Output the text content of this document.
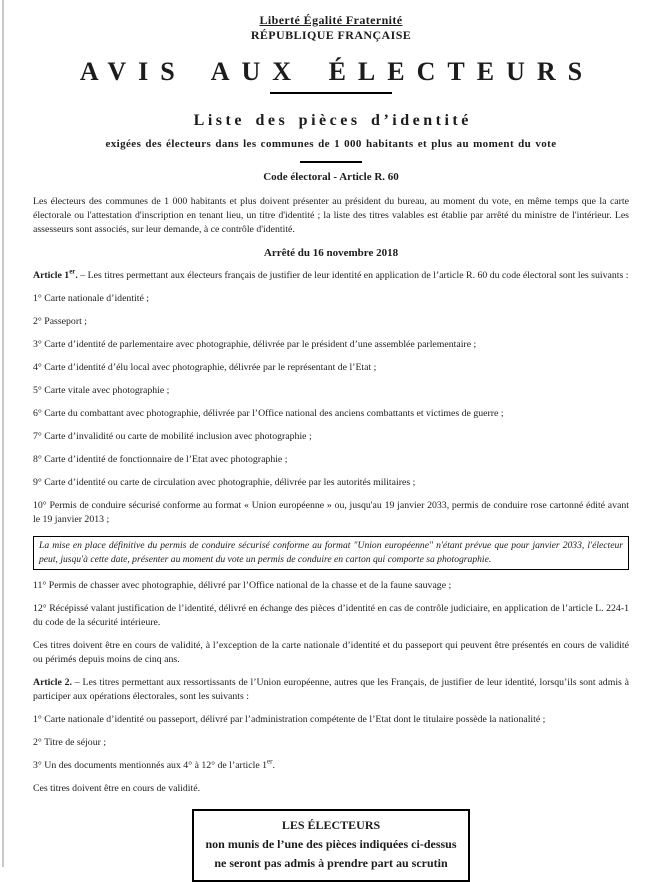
Liberté Égalité Fraternité
RÉPUBLIQUE FRANÇAISE
AVIS AUX ÉLECTEURS
Liste des pièces d’identité
exigées des électeurs dans les communes de 1 000 habitants et plus au moment du vote
Code électoral - Article R. 60

Les électeurs des communes de 1 000 habitants et plus doivent présenter au président du bureau, au moment du vote, en même temps que la carte électorale ou l'attestation d'inscription en tenant lieu, un titre d'identité ; la liste des titres valables est établie par arrêté du ministre de l'intérieur. Les assesseurs sont associés, sur leur demande, à ce contrôle d'identité.

Arrêté du 16 novembre 2018

Article 1er. – Les titres permettant aux électeurs français de justifier de leur identité en application de l’article R. 60 du code électoral sont les suivants :

1° Carte nationale d’identité ;

2° Passeport ;

3° Carte d’identité de parlementaire avec photographie, délivrée par le président d’une assemblée parlementaire ;

4° Carte d’identité d’élu local avec photographie, délivrée par le représentant de l’Etat ;

5° Carte vitale avec photographie ;

6° Carte du combattant avec photographie, délivrée par l’Office national des anciens combattants et victimes de guerre ;

7° Carte d’invalidité ou carte de mobilité inclusion avec photographie ;

8° Carte d’identité de fonctionnaire de l’Etat avec photographie ;

9° Carte d’identité ou carte de circulation avec photographie, délivrée par les autorités militaires ;

10° Permis de conduire sécurisé conforme au format « Union européenne » ou, jusqu'au 19 janvier 2033, permis de conduire rose cartonné édité avant le 19 janvier 2013 ;

La mise en place définitive du permis de conduire sécurisé conforme au format "Union européenne" n'étant prévue que pour janvier 2033, l'électeur peut, jusqu'à cette date, présenter au moment du vote un permis de conduire en carton qui comporte sa photographie.

11° Permis de chasser avec photographie, délivré par l’Office national de la chasse et de la faune sauvage ;

12° Récépissé valant justification de l’identité, délivré en échange des pièces d’identité en cas de contrôle judiciaire, en application de l’article L. 224-1 du code de la sécurité intérieure.

Ces titres doivent être en cours de validité, à l’exception de la carte nationale d’identité et du passeport qui peuvent être présentés en cours de validité ou périmés depuis moins de cinq ans.

Article 2. – Les titres permettant aux ressortissants de l’Union européenne, autres que les Français, de justifier de leur identité, lorsqu’ils sont admis à participer aux opérations électorales, sont les suivants :

1° Carte nationale d’identité ou passeport, délivré par l’administration compétente de l’Etat dont le titulaire possède la nationalité ;

2° Titre de séjour ;

3° Un des documents mentionnés aux 4° à 12° de l’article 1er.

Ces titres doivent être en cours de validité.

LES ÉLECTEURS
non munis de l’une des pièces indiquées ci-dessus
ne seront pas admis à prendre part au scrutin
